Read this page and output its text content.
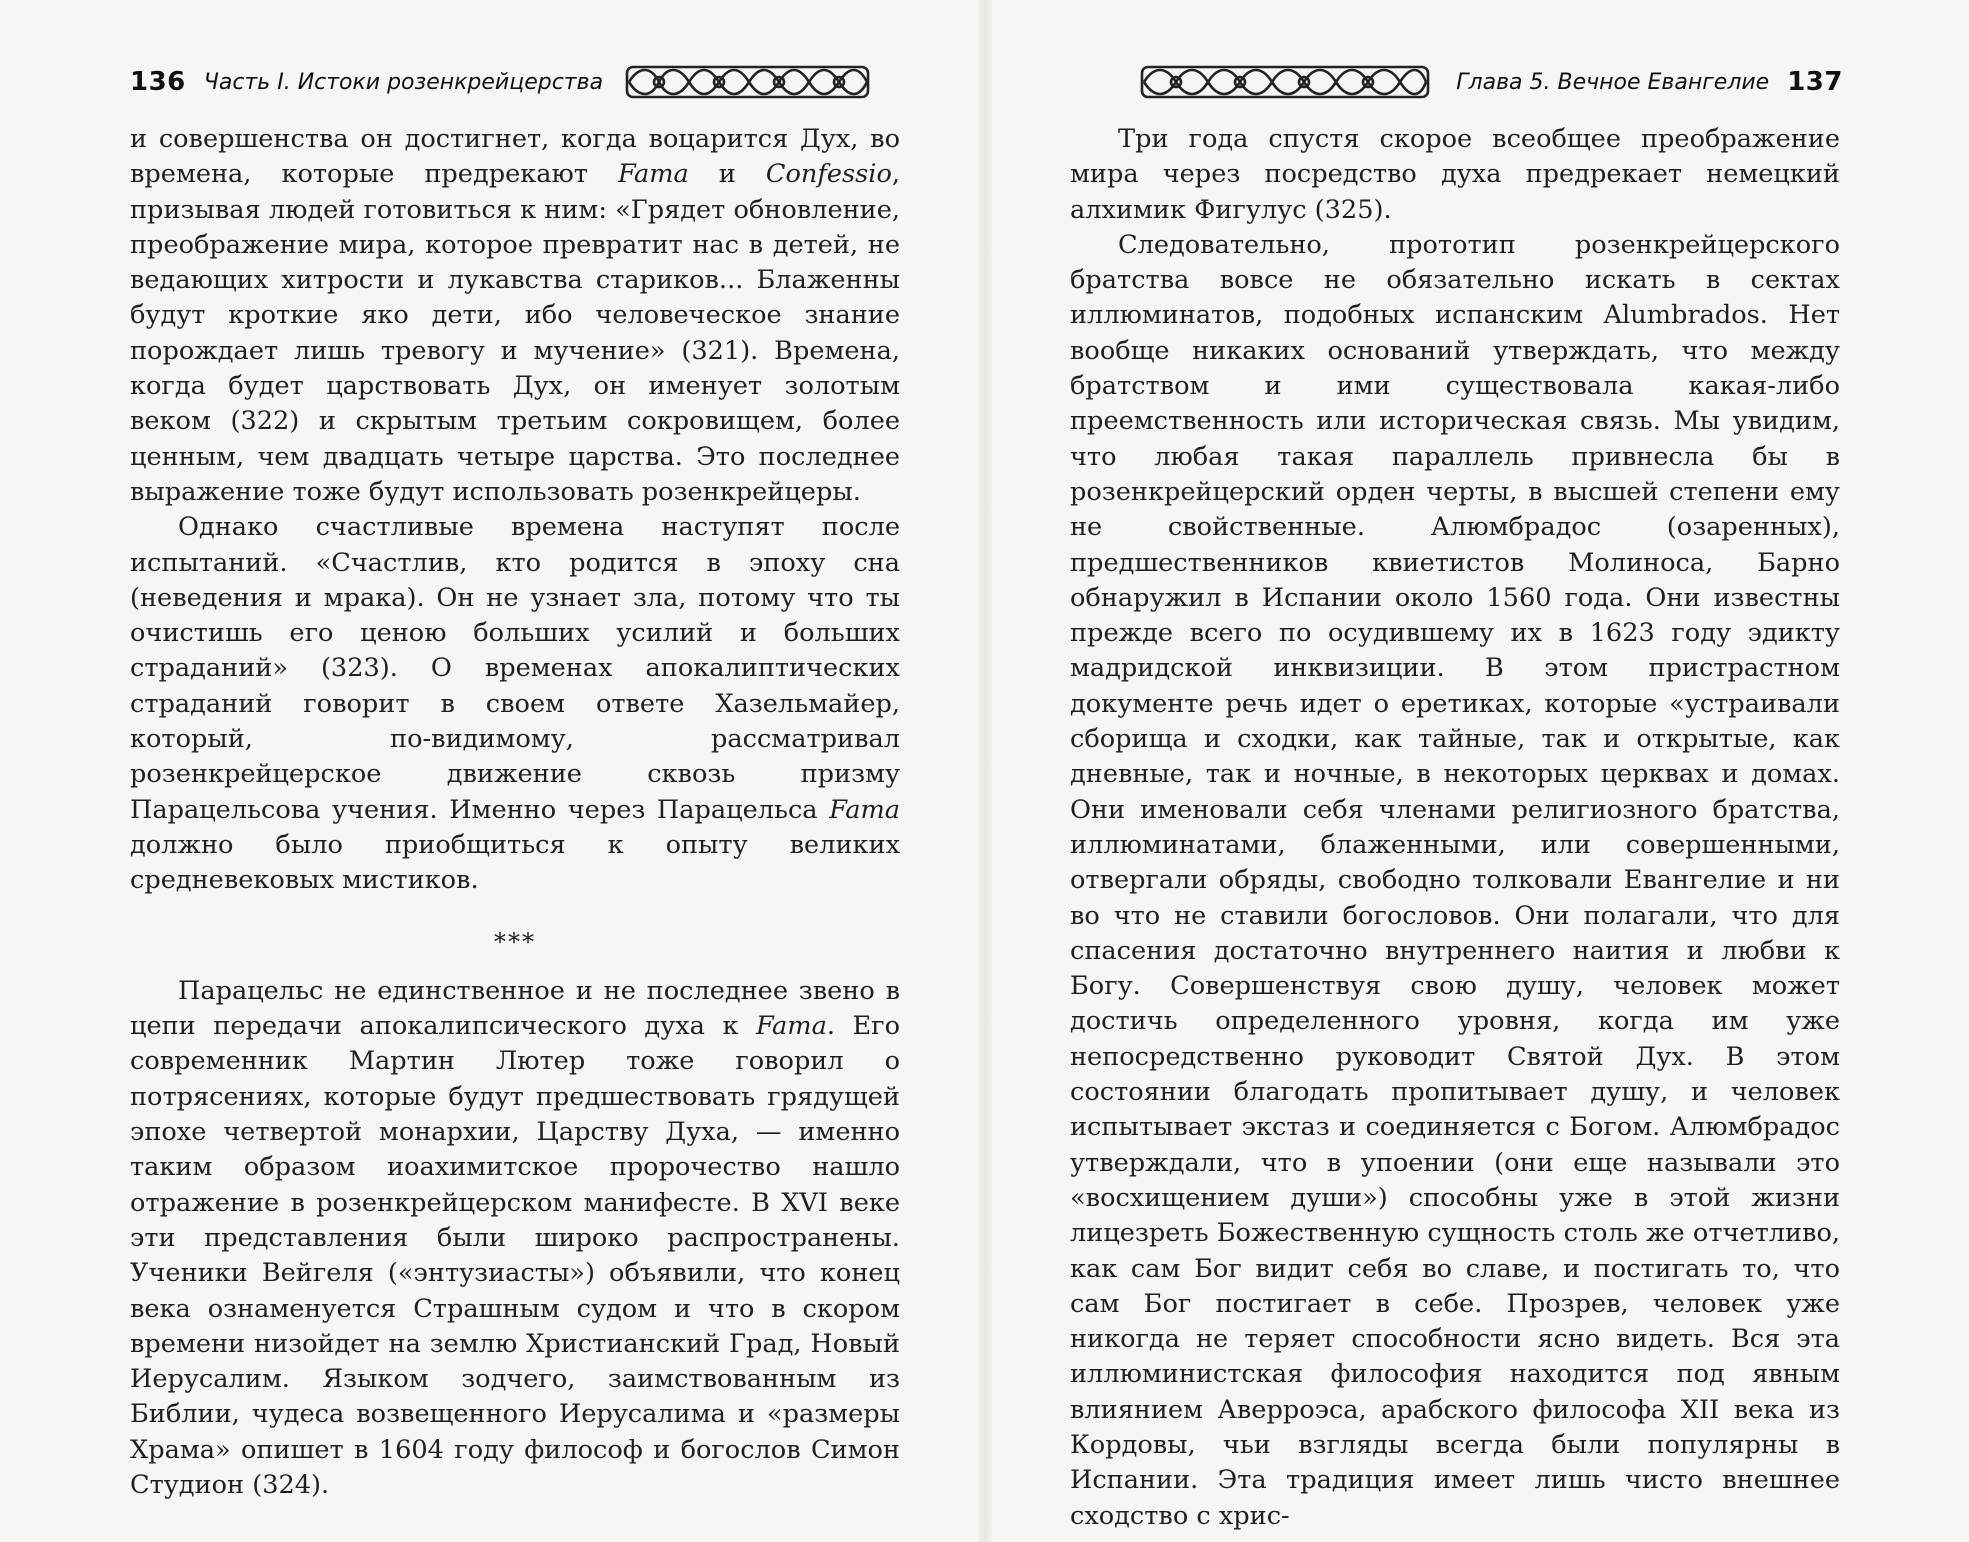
136 Часть I. Истоки розенкрейцерства

и совершенства он достигнет, когда воцарится Дух, во времена, которые предрекают Fama и Confessio, призывая людей готовиться к ним: «Грядет обновление, преображение мира, которое превратит нас в детей, не ведающих хитрости и лукавства стариков... Блаженны будут кроткие яко дети, ибо человеческое знание порождает лишь тревогу и мучение» (321). Времена, когда будет царствовать Дух, он именует золотым веком (322) и скрытым третьим сокровищем, более ценным, чем двадцать четыре царства. Это последнее выражение тоже будут использовать розенкрейцеры.

Однако счастливые времена наступят после испытаний. «Счастлив, кто родится в эпоху сна (неведения и мрака). Он не узнает зла, потому что ты очистишь его ценою больших усилий и больших страданий» (323). О временах апокалиптических страданий говорит в своем ответе Хазельмайер, который, по-видимому, рассматривал розенкрейцерское движение сквозь призму Парацельсова учения. Именно через Парацельса Fama должно было приобщиться к опыту великих средневековых мистиков.

***

Парацельс не единственное и не последнее звено в цепи передачи апокалипсического духа к Fama. Его современник Мартин Лютер тоже говорил о потрясениях, которые будут предшествовать грядущей эпохе четвертой монархии, Царству Духа, — именно таким образом иоахимитское пророчество нашло отражение в розенкрейцерском манифесте. В XVI веке эти представления были широко распространены. Ученики Вейгеля («энтузиасты») объявили, что конец века ознаменуется Страшным судом и что в скором времени низойдет на землю Христианский Град, Новый Иерусалим. Языком зодчего, заимствованным из Библии, чудеса возвещенного Иерусалима и «размеры Храма» опишет в 1604 году философ и богослов Симон Студион (324).

Глава 5. Вечное Евангелие 137

Три года спустя скорое всеобщее преображение мира через посредство духа предрекает немецкий алхимик Фигулус (325).

Следовательно, прототип розенкрейцерского братства вовсе не обязательно искать в сектах иллюминатов, подобных испанским Alumbrados. Нет вообще никаких оснований утверждать, что между братством и ими существовала какая-либо преемственность или историческая связь. Мы увидим, что любая такая параллель привнесла бы в розенкрейцерский орден черты, в высшей степени ему не свойственные. Алюмбрадос (озаренных), предшественников квиетистов Молиноса, Барно обнаружил в Испании около 1560 года. Они известны прежде всего по осудившему их в 1623 году эдикту мадридской инквизиции. В этом пристрастном документе речь идет о еретиках, которые «устраивали сборища и сходки, как тайные, так и открытые, как дневные, так и ночные, в некоторых церквах и домах. Они именовали себя членами религиозного братства, иллюминатами, блаженными, или совершенными, отвергали обряды, свободно толковали Евангелие и ни во что не ставили богословов. Они полагали, что для спасения достаточно внутреннего наития и любви к Богу. Совершенствуя свою душу, человек может достичь определенного уровня, когда им уже непосредственно руководит Святой Дух. В этом состоянии благодать пропитывает душу, и человек испытывает экстаз и соединяется с Богом. Алюмбрадос утверждали, что в упоении (они еще называли это «восхищением души») способны уже в этой жизни лицезреть Божественную сущность столь же отчетливо, как сам Бог видит себя во славе, и постигать то, что сам Бог постигает в себе. Прозрев, человек уже никогда не теряет способности ясно видеть. Вся эта иллюминистская философия находится под явным влиянием Аверроэса, арабского философа XII века из Кордовы, чьи взгляды всегда были популярны в Испании. Эта традиция имеет лишь чисто внешнее сходство с хрис-
